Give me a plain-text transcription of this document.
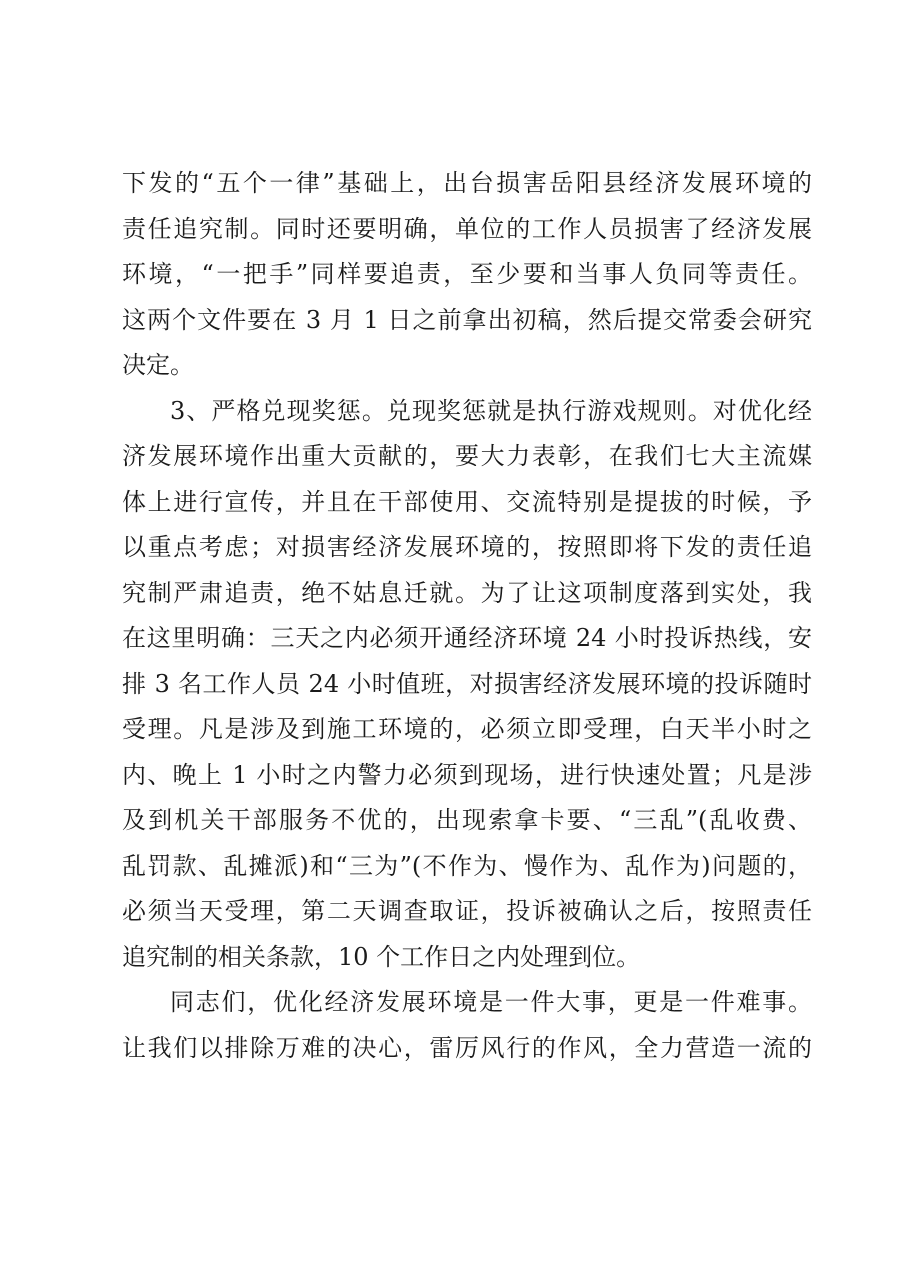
下发的“五个一律”基础上，出台损害岳阳县经济发展环境的
责任追究制。同时还要明确，单位的工作人员损害了经济发展
环境，“一把手”同样要追责，至少要和当事人负同等责任。
这两个文件要在 3 月 1 日之前拿出初稿，然后提交常委会研究
决定。

3、严格兑现奖惩。兑现奖惩就是执行游戏规则。对优化经
济发展环境作出重大贡献的，要大力表彰，在我们七大主流媒
体上进行宣传，并且在干部使用、交流特别是提拔的时候，予
以重点考虑；对损害经济发展环境的，按照即将下发的责任追
究制严肃追责，绝不姑息迁就。为了让这项制度落到实处，我
在这里明确：三天之内必须开通经济环境 24 小时投诉热线，安
排 3 名工作人员 24 小时值班，对损害经济发展环境的投诉随时
受理。凡是涉及到施工环境的，必须立即受理，白天半小时之
内、晚上 1 小时之内警力必须到现场，进行快速处置；凡是涉
及到机关干部服务不优的，出现索拿卡要、“三乱”(乱收费、
乱罚款、乱摊派)和“三为”(不作为、慢作为、乱作为)问题的，
必须当天受理，第二天调查取证，投诉被确认之后，按照责任
追究制的相关条款，10 个工作日之内处理到位。

同志们，优化经济发展环境是一件大事，更是一件难事。
让我们以排除万难的决心，雷厉风行的作风，全力营造一流的
